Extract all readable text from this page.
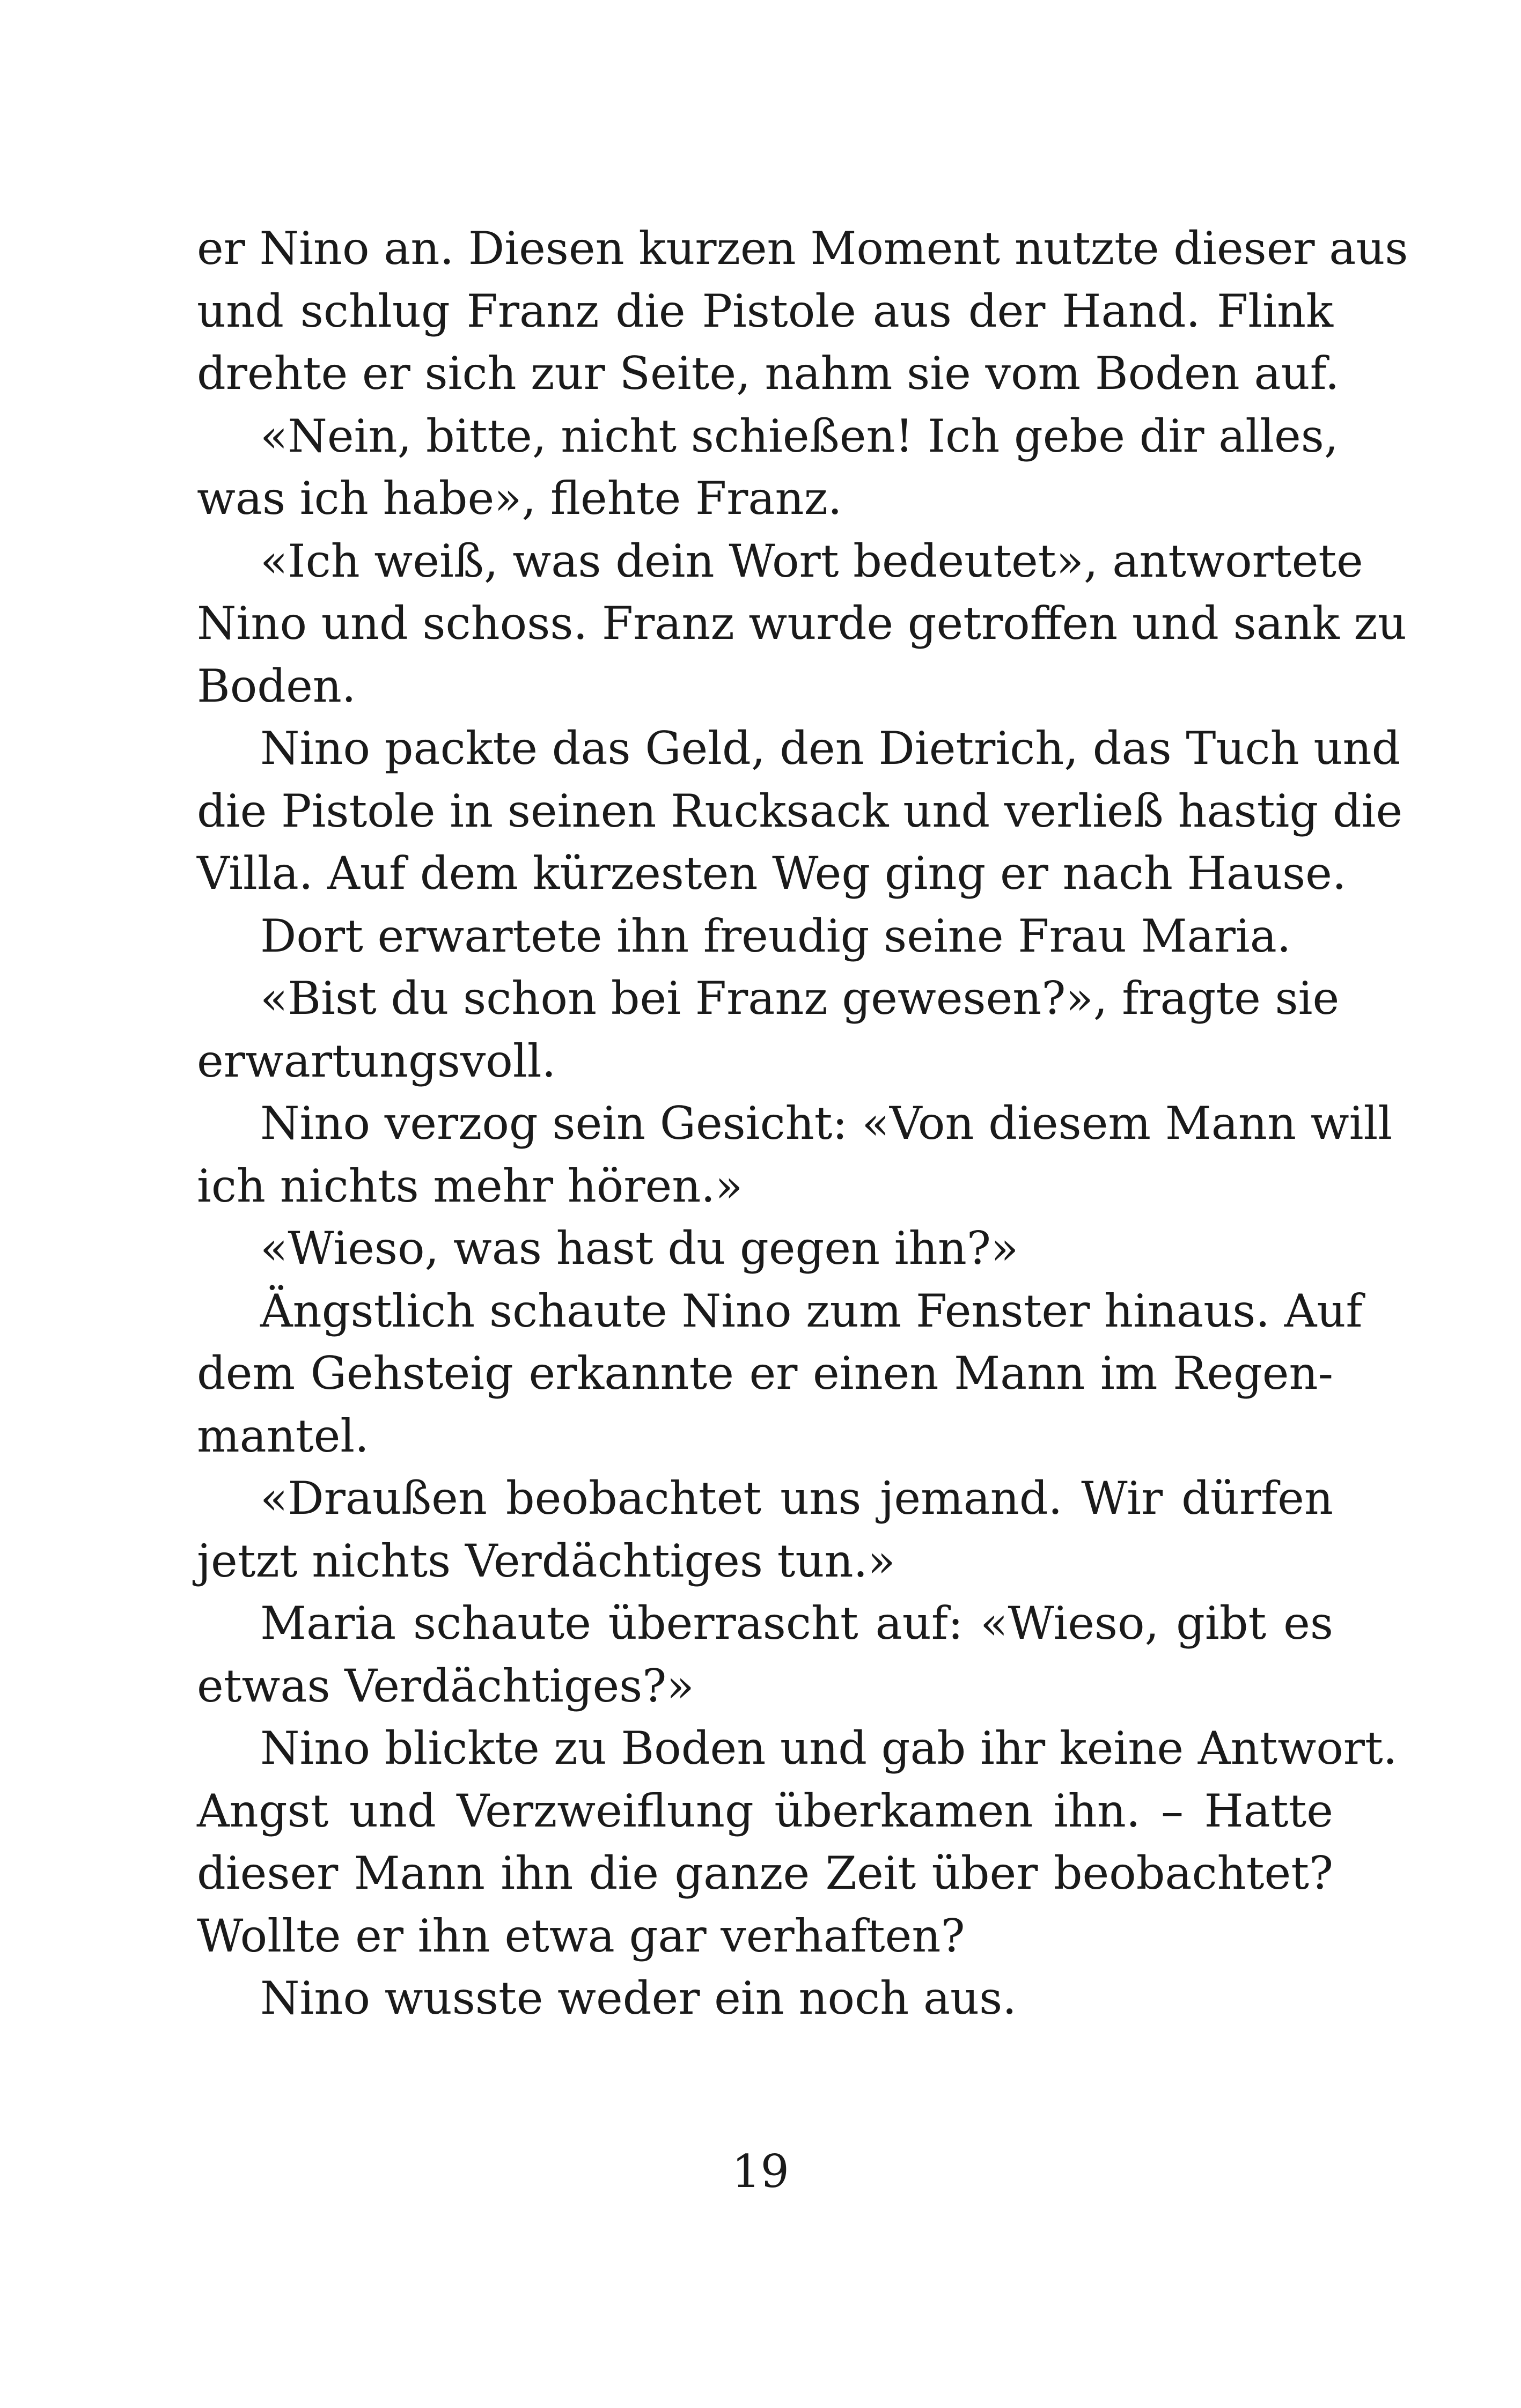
er Nino an. Diesen kurzen Moment nutzte dieser aus
und schlug Franz die Pistole aus der Hand. Flink
drehte er sich zur Seite, nahm sie vom Boden auf.
«Nein, bitte, nicht schießen! Ich gebe dir alles,
was ich habe», flehte Franz.
«Ich weiß, was dein Wort bedeutet», antwortete
Nino und schoss. Franz wurde getroffen und sank zu
Boden.
Nino packte das Geld, den Dietrich, das Tuch und
die Pistole in seinen Rucksack und verließ hastig die
Villa. Auf dem kürzesten Weg ging er nach Hause.
Dort erwartete ihn freudig seine Frau Maria.
«Bist du schon bei Franz gewesen?», fragte sie
erwartungsvoll.
Nino verzog sein Gesicht: «Von diesem Mann will
ich nichts mehr hören.»
«Wieso, was hast du gegen ihn?»
Ängstlich schaute Nino zum Fenster hinaus. Auf
dem Gehsteig erkannte er einen Mann im Regen-
mantel.
«Draußen beobachtet uns jemand. Wir dürfen
jetzt nichts Verdächtiges tun.»
Maria schaute überrascht auf: «Wieso, gibt es
etwas Verdächtiges?»
Nino blickte zu Boden und gab ihr keine Antwort.
Angst und Verzweiflung überkamen ihn. – Hatte
dieser Mann ihn die ganze Zeit über beobachtet?
Wollte er ihn etwa gar verhaften?
Nino wusste weder ein noch aus.
19
